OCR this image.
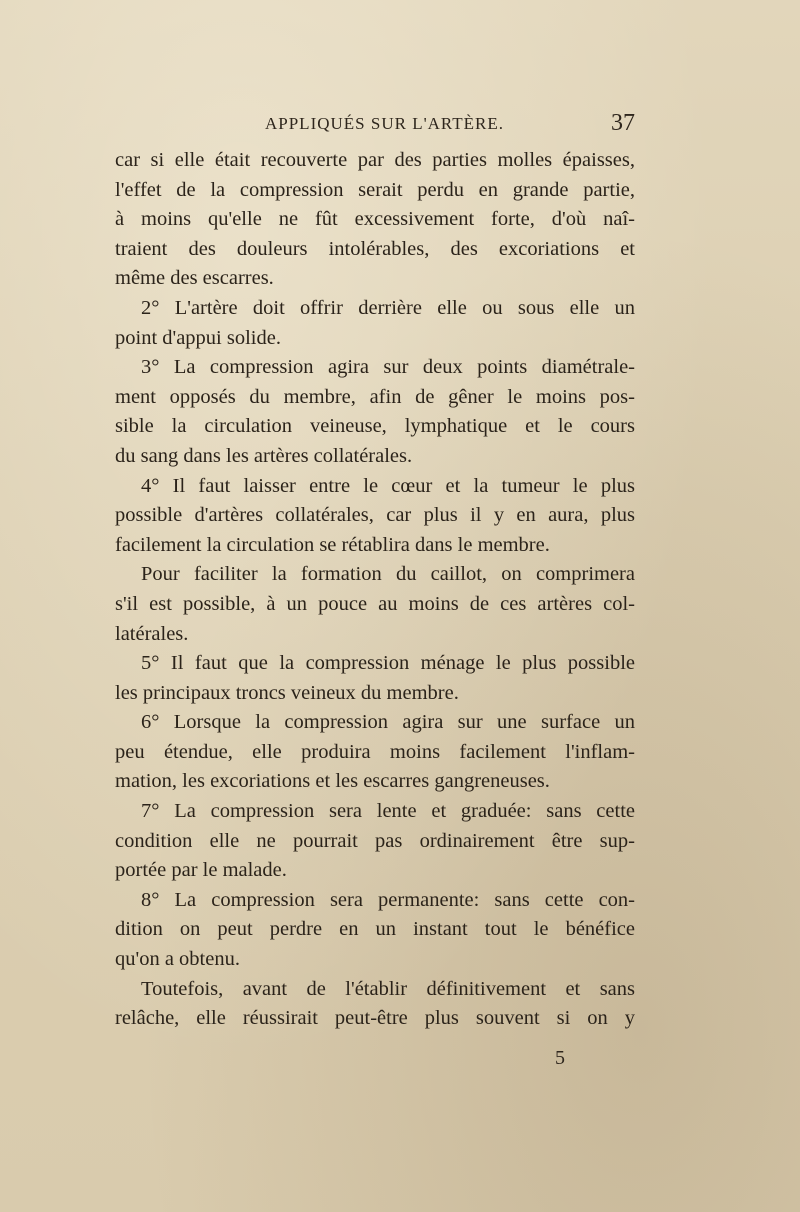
APPLIQUÉS SUR L'ARTÈRE.	37
car si elle était recouverte par des parties molles épaisses,
l'effet de la compression serait perdu en grande partie,
à moins qu'elle ne fût excessivement forte, d'où naî-
traient des douleurs intolérables, des excoriations et
même des escarres.
2° L'artère doit offrir derrière elle ou sous elle un
point d'appui solide.
3° La compression agira sur deux points diamétrale-
ment opposés du membre, afin de gêner le moins pos-
sible la circulation veineuse, lymphatique et le cours
du sang dans les artères collatérales.
4° Il faut laisser entre le cœur et la tumeur le plus
possible d'artères collatérales, car plus il y en aura, plus
facilement la circulation se rétablira dans le membre.
Pour faciliter la formation du caillot, on comprimera
s'il est possible, à un pouce au moins de ces artères col-
latérales.
5° Il faut que la compression ménage le plus possible
les principaux troncs veineux du membre.
6° Lorsque la compression agira sur une surface un
peu étendue, elle produira moins facilement l'inflam-
mation, les excoriations et les escarres gangreneuses.
7° La compression sera lente et graduée: sans cette
condition elle ne pourrait pas ordinairement être sup-
portée par le malade.
8° La compression sera permanente: sans cette con-
dition on peut perdre en un instant tout le bénéfice
qu'on a obtenu.
Toutefois, avant de l'établir définitivement et sans
relâche, elle réussirait peut-être plus souvent si on y
5
